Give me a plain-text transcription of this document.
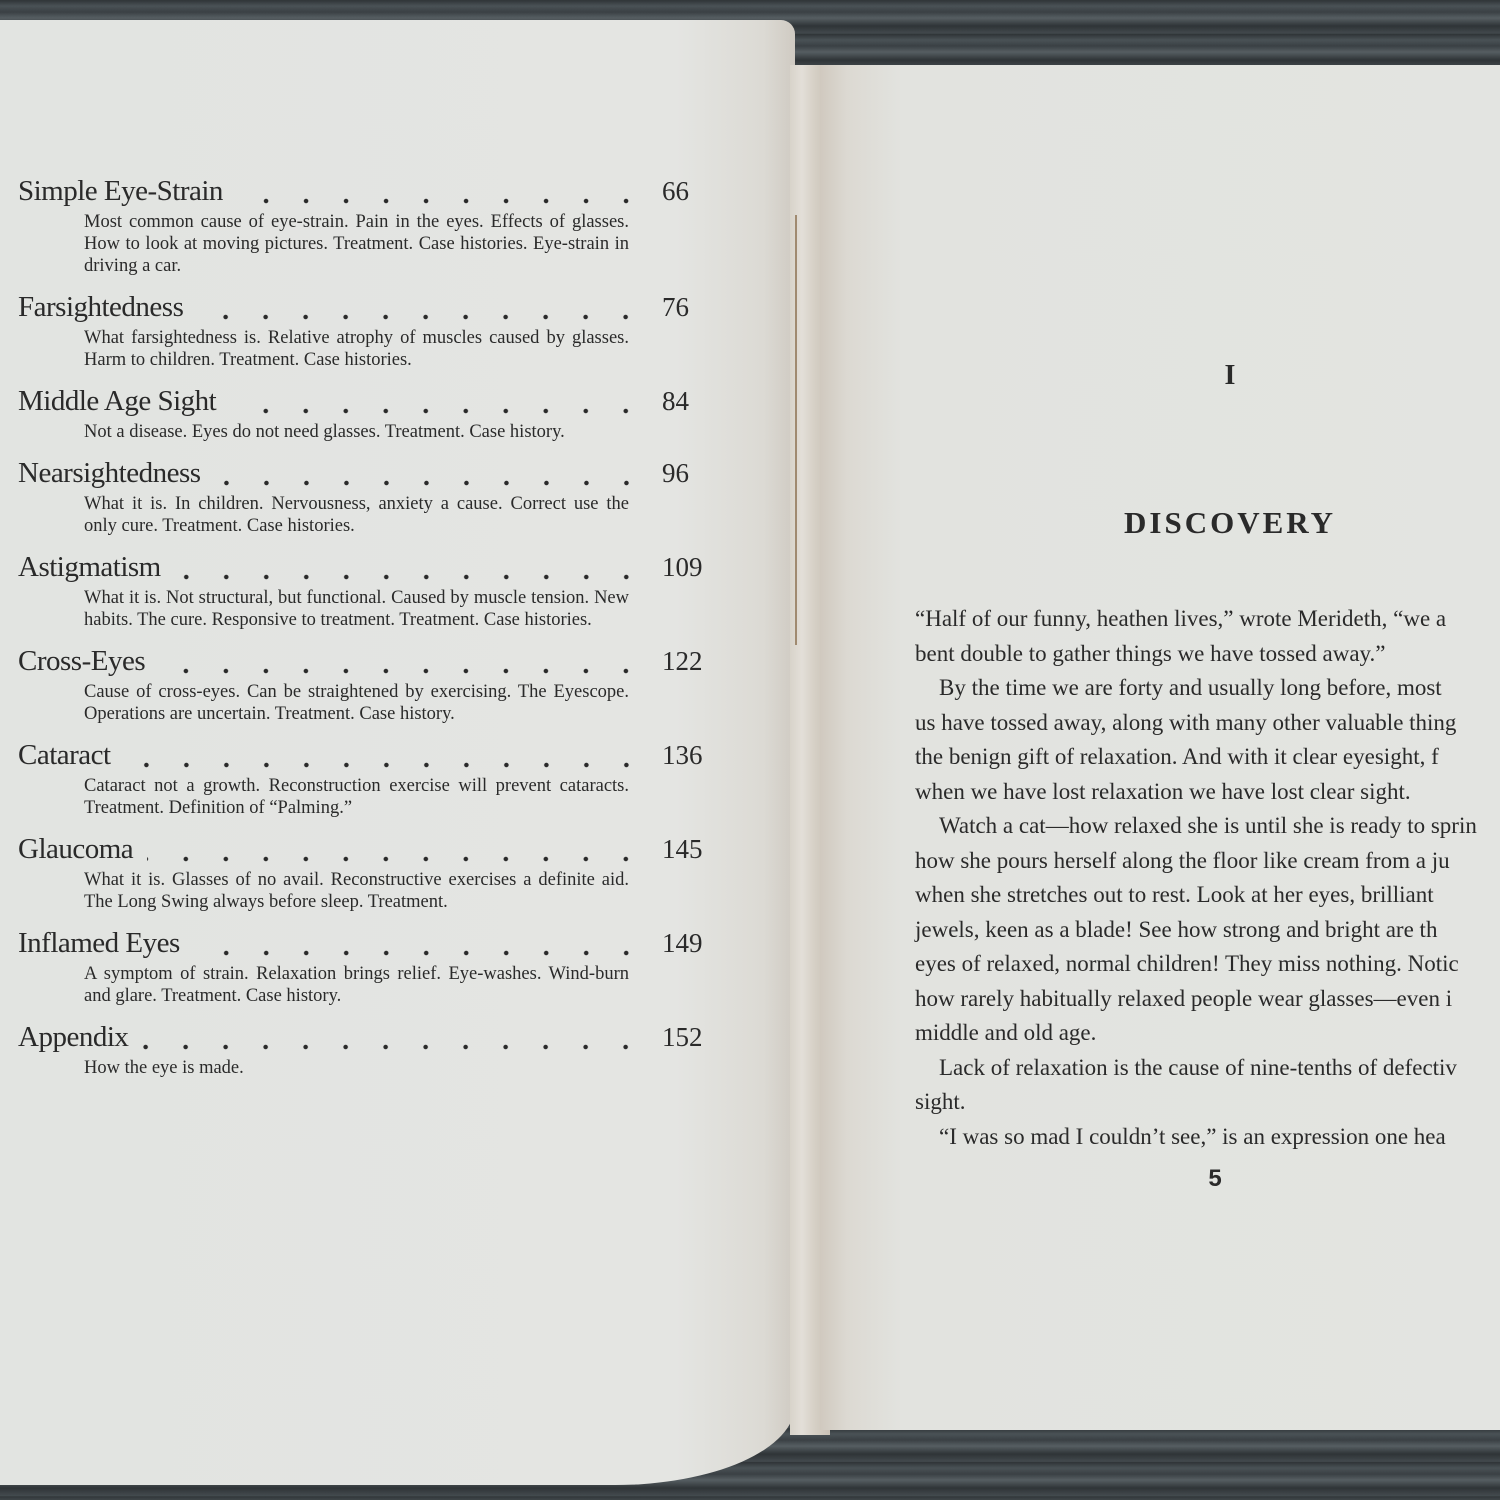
Simple Eye-Strain	66
Most common cause of eye-strain. Pain in the eyes. Effects of glasses. How to look at moving pictures. Treatment. Case histories. Eye-strain in driving a car.
Farsightedness	76
What farsightedness is. Relative atrophy of muscles caused by glasses. Harm to children. Treatment. Case histories.
Middle Age Sight	84
Not a disease. Eyes do not need glasses. Treatment. Case history.
Nearsightedness	96
What it is. In children. Nervousness, anxiety a cause. Correct use the only cure. Treatment. Case histories.
Astigmatism	109
What it is. Not structural, but functional. Caused by muscle tension. New habits. The cure. Responsive to treatment. Treatment. Case histories.
Cross-Eyes	122
Cause of cross-eyes. Can be straightened by exercising. The Eyescope. Operations are uncertain. Treatment. Case history.
Cataract	136
Cataract not a growth. Reconstruction exercise will prevent cataracts. Treatment. Definition of “Palming.”
Glaucoma	145
What it is. Glasses of no avail. Reconstructive exercises a definite aid. The Long Swing always before sleep. Treatment.
Inflamed Eyes	149
A symptom of strain. Relaxation brings relief. Eye-washes. Wind-burn and glare. Treatment. Case history.
Appendix	152
How the eye is made.
I
DISCOVERY
“Half of our funny, heathen lives,” wrote Merideth, “we a
bent double to gather things we have tossed away.”
By the time we are forty and usually long before, most
us have tossed away, along with many other valuable thing
the benign gift of relaxation. And with it clear eyesight, f
when we have lost relaxation we have lost clear sight.
Watch a cat—how relaxed she is until she is ready to sprin
how she pours herself along the floor like cream from a ju
when she stretches out to rest. Look at her eyes, brilliant
jewels, keen as a blade! See how strong and bright are th
eyes of relaxed, normal children! They miss nothing. Notic
how rarely habitually relaxed people wear glasses—even i
middle and old age.
Lack of relaxation is the cause of nine-tenths of defectiv
sight.
“I was so mad I couldn’t see,” is an expression one hea
5
